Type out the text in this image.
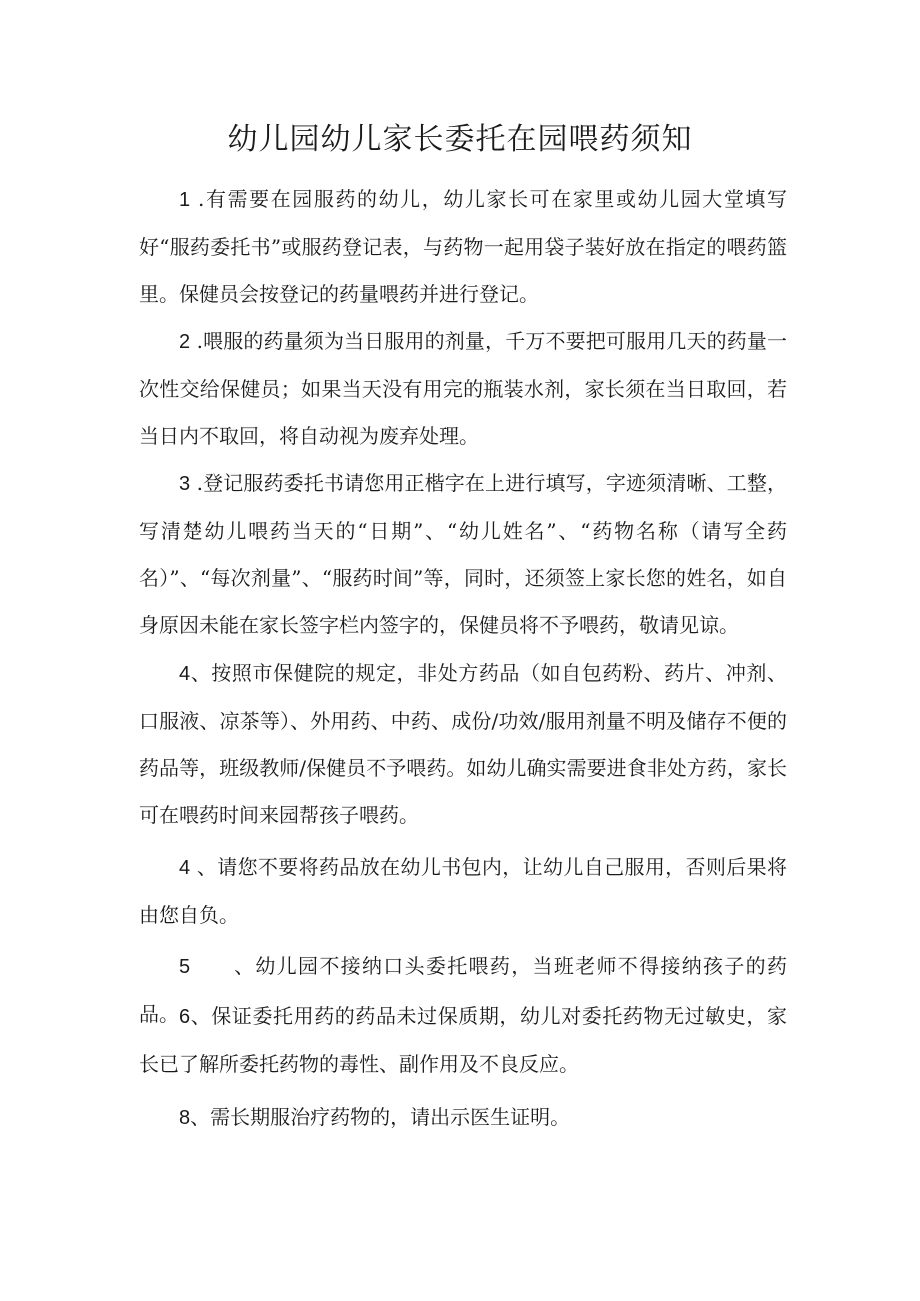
幼儿园幼儿家长委托在园喂药须知

1 .有需要在园服药的幼儿，幼儿家长可在家里或幼儿园大堂填写好“服药委托书”或服药登记表，与药物一起用袋子装好放在指定的喂药篮里。保健员会按登记的药量喂药并进行登记。

2 .喂服的药量须为当日服用的剂量，千万不要把可服用几天的药量一次性交给保健员；如果当天没有用完的瓶装水剂，家长须在当日取回，若当日内不取回，将自动视为废弃处理。

3 .登记服药委托书请您用正楷字在上进行填写，字迹须清晰、工整，写清楚幼儿喂药当天的“日期”、“幼儿姓名”、“药物名称（请写全药名）”、“每次剂量”、“服药时间”等，同时，还须签上家长您的姓名，如自身原因未能在家长签字栏内签字的，保健员将不予喂药，敬请见谅。

4、按照市保健院的规定，非处方药品（如自包药粉、药片、冲剂、口服液、凉茶等）、外用药、中药、成份/功效/服用剂量不明及储存不便的药品等，班级教师/保健员不予喂药。如幼儿确实需要进食非处方药，家长可在喂药时间来园帮孩子喂药。

4 、请您不要将药品放在幼儿书包内，让幼儿自己服用，否则后果将由您自负。

5　　、幼儿园不接纳口头委托喂药，当班老师不得接纳孩子的药品。 6、保证委托用药的药品未过保质期，幼儿对委托药物无过敏史，家长已了解所委托药物的毒性、副作用及不良反应。

8、需长期服治疗药物的，请出示医生证明。
